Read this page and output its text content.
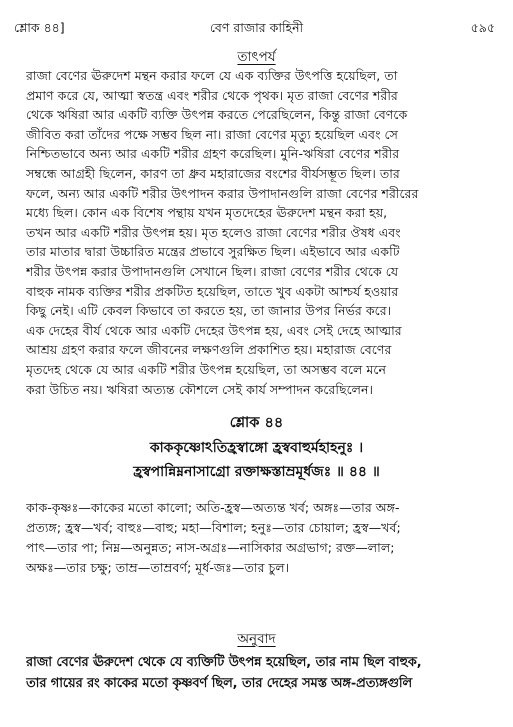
শ্লোক ৪৪]	বেণ রাজার কাহিনী	৫৯৫
তাৎপর্য
রাজা বেণের ঊরুদেশ মন্থন করার ফলে যে এক ব্যক্তির উৎপত্তি হয়েছিল, তা
প্রমাণ করে যে, আত্মা স্বতন্ত্র এবং শরীর থেকে পৃথক। মৃত রাজা বেণের শরীর
থেকে ঋষিরা আর একটি ব্যক্তি উৎপন্ন করতে পেরেছিলেন, কিন্তু রাজা বেণকে
জীবিত করা তাঁদের পক্ষে সম্ভব ছিল না। রাজা বেণের মৃত্যু হয়েছিল এবং সে
নিশ্চিতভাবে অন্য আর একটি শরীর গ্রহণ করেছিল। মুনি-ঋষিরা বেণের শরীর
সম্বন্ধে আগ্রহী ছিলেন, কারণ তা ধ্রুব মহারাজের বংশের বীর্যসম্ভূত ছিল। তার
ফলে, অন্য আর একটি শরীর উৎপাদন করার উপাদানগুলি রাজা বেণের শরীরের
মধ্যে ছিল। কোন এক বিশেষ পন্থায় যখন মৃতদেহের ঊরুদেশ মন্থন করা হয়,
তখন আর একটি শরীর উৎপন্ন হয়। মৃত হলেও রাজা বেণের শরীর ঔষধ এবং
তার মাতার দ্বারা উচ্চারিত মন্ত্রের প্রভাবে সুরক্ষিত ছিল। এইভাবে আর একটি
শরীর উৎপন্ন করার উপাদানগুলি সেখানে ছিল। রাজা বেণের শরীর থেকে যে
বাহুক নামক ব্যক্তির শরীর প্রকটিত হয়েছিল, তাতে খুব একটা আশ্চর্য হওয়ার
কিছু নেই। এটি কেবল কিভাবে তা করতে হয়, তা জানার উপর নির্ভর করে।
এক দেহের বীর্য থেকে আর একটি দেহের উৎপন্ন হয়, এবং সেই দেহে আত্মার
আশ্রয় গ্রহণ করার ফলে জীবনের লক্ষণগুলি প্রকাশিত হয়। মহারাজ বেণের
মৃতদেহ থেকে যে আর একটি শরীর উৎপন্ন হয়েছিল, তা অসম্ভব বলে মনে
করা উচিত নয়। ঋষিরা অত্যন্ত কৌশলে সেই কার্য সম্পাদন করেছিলেন।
শ্লোক ৪৪
কাককৃষ্ণোঽতিহ্রস্বাঙ্গো হ্রস্ববাহুর্মহাহনুঃ ।
হ্রস্বপান্নিম্ননাসাগ্রো রক্তাক্ষস্তাম্রমূর্ধজঃ ॥ ৪৪ ॥
কাক-কৃষ্ণঃ—কাকের মতো কালো; অতি-হ্রস্ব—অত্যন্ত খর্ব; অঙ্গঃ—তার অঙ্গ-
প্রত্যঙ্গ; হ্রস্ব—খর্ব; বাহুঃ—বাহু; মহা—বিশাল; হনুঃ—তার চোয়াল; হ্রস্ব—খর্ব;
পাৎ—তার পা; নিম্ন—অনুন্নত; নাস-অগ্রঃ—নাসিকার অগ্রভাগ; রক্ত—লাল;
অক্ষঃ—তার চক্ষু; তাম্র—তাম্রবর্ণ; মূর্ধ-জঃ—তার চুল।
অনুবাদ
রাজা বেণের ঊরুদেশ থেকে যে ব্যক্তিটি উৎপন্ন হয়েছিল, তার নাম ছিল বাহুক,
তার গায়ের রং কাকের মতো কৃষ্ণবর্ণ ছিল, তার দেহের সমস্ত অঙ্গ-প্রত্যঙ্গগুলি
